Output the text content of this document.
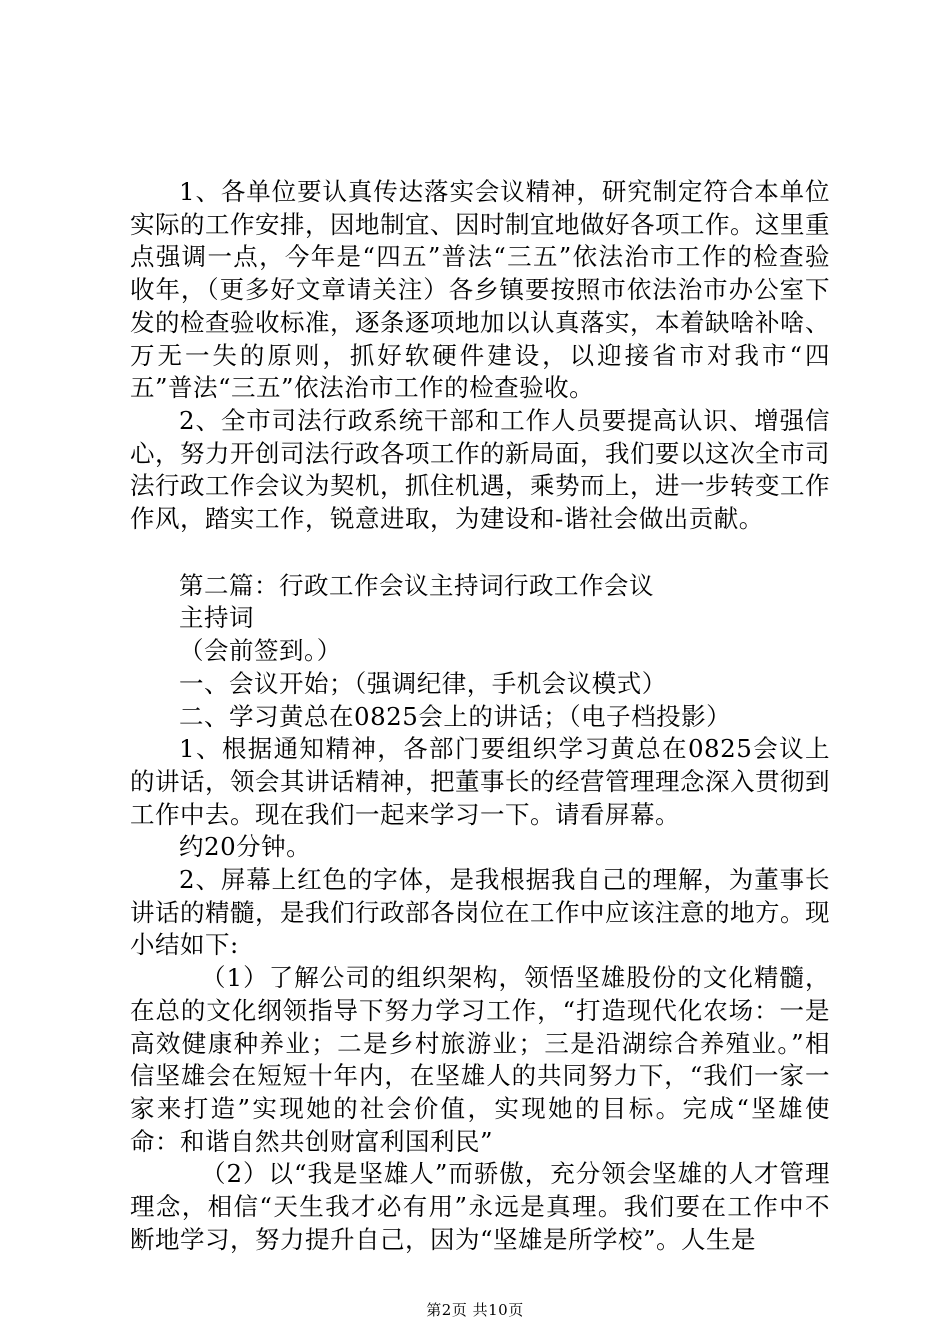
1、各单位要认真传达落实会议精神，研究制定符合本单位实际的工作安排，因地制宜、因时制宜地做好各项工作。这里重点强调一点，今年是“四五”普法“三五”依法治市工作的检查验收年，（更多好文章请关注）各乡镇要按照市依法治市办公室下发的检查验收标准，逐条逐项地加以认真落实，本着缺啥补啥、万无一失的原则，抓好软硬件建设，以迎接省市对我市“四五”普法“三五”依法治市工作的检查验收。

2、全市司法行政系统干部和工作人员要提高认识、增强信心，努力开创司法行政各项工作的新局面，我们要以这次全市司法行政工作会议为契机，抓住机遇，乘势而上，进一步转变工作作风，踏实工作，锐意进取，为建设和-谐社会做出贡献。

第二篇：行政工作会议主持词行政工作会议

主持词

（会前签到。）

一、会议开始；（强调纪律，手机会议模式）

二、学习黄总在0825会上的讲话；（电子档投影）

1、根据通知精神，各部门要组织学习黄总在0825会议上的讲话，领会其讲话精神，把董事长的经营管理理念深入贯彻到工作中去。现在我们一起来学习一下。请看屏幕。

约20分钟。

2、屏幕上红色的字体，是我根据我自己的理解，为董事长讲话的精髓，是我们行政部各岗位在工作中应该注意的地方。现小结如下:

（1）了解公司的组织架构，领悟坚雄股份的文化精髓，在总的文化纲领指导下努力学习工作，“打造现代化农场：一是高效健康种养业；二是乡村旅游业；三是沿湖综合养殖业。”相信坚雄会在短短十年内，在坚雄人的共同努力下，“我们一家一家来打造”实现她的社会价值，实现她的目标。完成“坚雄使命：和谐自然共创财富利国利民”

（2）以“我是坚雄人”而骄傲，充分领会坚雄的人才管理理念，相信“天生我才必有用”永远是真理。我们要在工作中不断地学习，努力提升自己，因为“坚雄是所学校”。人生是

第2页 共10页
